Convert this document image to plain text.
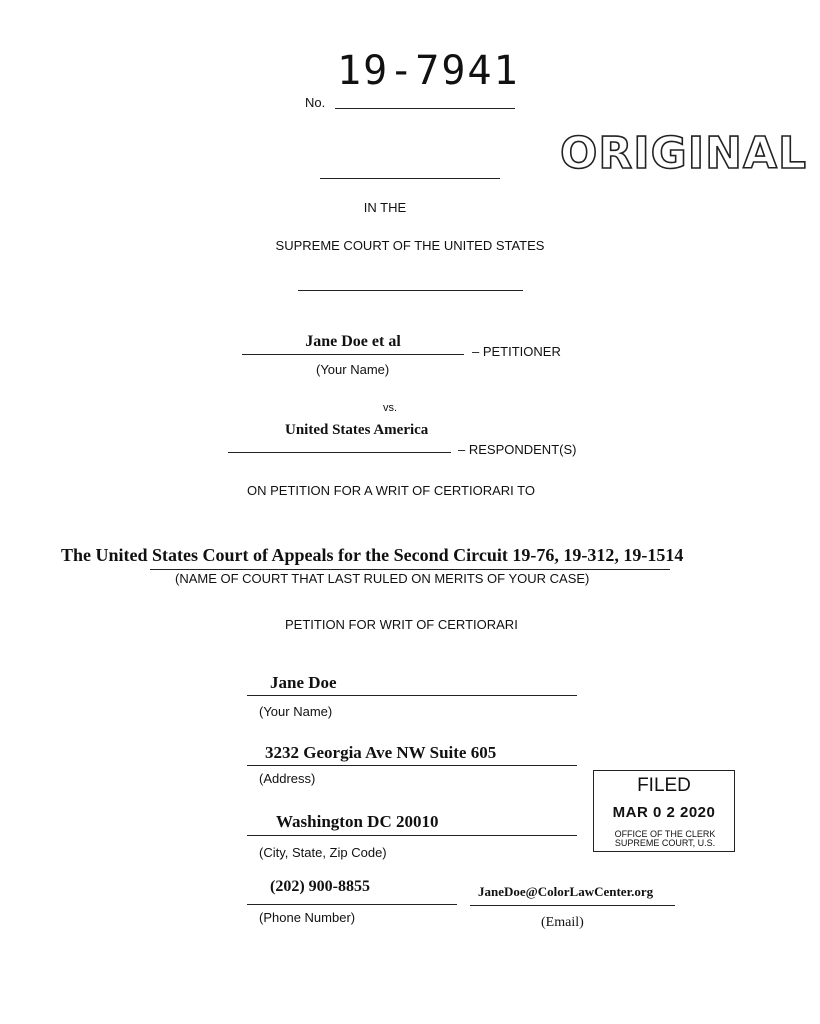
No.
19-7941
ORIGINAL
IN THE
SUPREME COURT OF THE UNITED STATES
Jane Doe et al
– PETITIONER
(Your Name)
vs.
United States America
– RESPONDENT(S)
ON PETITION FOR A WRIT OF CERTIORARI TO
The United States Court of Appeals for the Second Circuit 19-76, 19-312, 19-1514
(NAME OF COURT THAT LAST RULED ON MERITS OF YOUR CASE)
PETITION FOR WRIT OF CERTIORARI
Jane Doe
(Your Name)
3232 Georgia Ave NW Suite 605
(Address)
Washington DC 20010
(City, State, Zip Code)
(202) 900-8855
(Phone Number)
JaneDoe@ColorLawCenter.org
(Email)
FILED
MAR 0 2 2020
OFFICE OF THE CLERK
SUPREME COURT, U.S.
